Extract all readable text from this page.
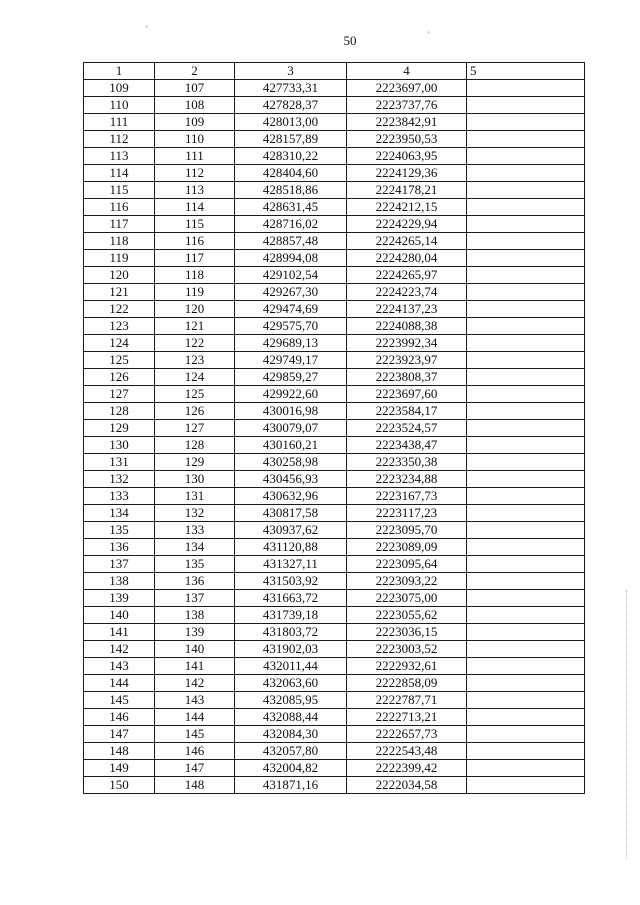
'
'
50
1	2	3	4	5
109	107	427733,31	2223697,00	
110	108	427828,37	2223737,76	
111	109	428013,00	2223842,91	
112	110	428157,89	2223950,53	
113	111	428310,22	2224063,95	
114	112	428404,60	2224129,36	
115	113	428518,86	2224178,21	
116	114	428631,45	2224212,15	
117	115	428716,02	2224229,94	
118	116	428857,48	2224265,14	
119	117	428994,08	2224280,04	
120	118	429102,54	2224265,97	
121	119	429267,30	2224223,74	
122	120	429474,69	2224137,23	
123	121	429575,70	2224088,38	
124	122	429689,13	2223992,34	
125	123	429749,17	2223923,97	
126	124	429859,27	2223808,37	
127	125	429922,60	2223697,60	
128	126	430016,98	2223584,17	
129	127	430079,07	2223524,57	
130	128	430160,21	2223438,47	
131	129	430258,98	2223350,38	
132	130	430456,93	2223234,88	
133	131	430632,96	2223167,73	
134	132	430817,58	2223117,23	
135	133	430937,62	2223095,70	
136	134	431120,88	2223089,09	
137	135	431327,11	2223095,64	
138	136	431503,92	2223093,22	
139	137	431663,72	2223075,00	
140	138	431739,18	2223055,62	
141	139	431803,72	2223036,15	
142	140	431902,03	2223003,52	
143	141	432011,44	2222932,61	
144	142	432063,60	2222858,09	
145	143	432085,95	2222787,71	
146	144	432088,44	2222713,21	
147	145	432084,30	2222657,73	
148	146	432057,80	2222543,48	
149	147	432004,82	2222399,42	
150	148	431871,16	2222034,58	
